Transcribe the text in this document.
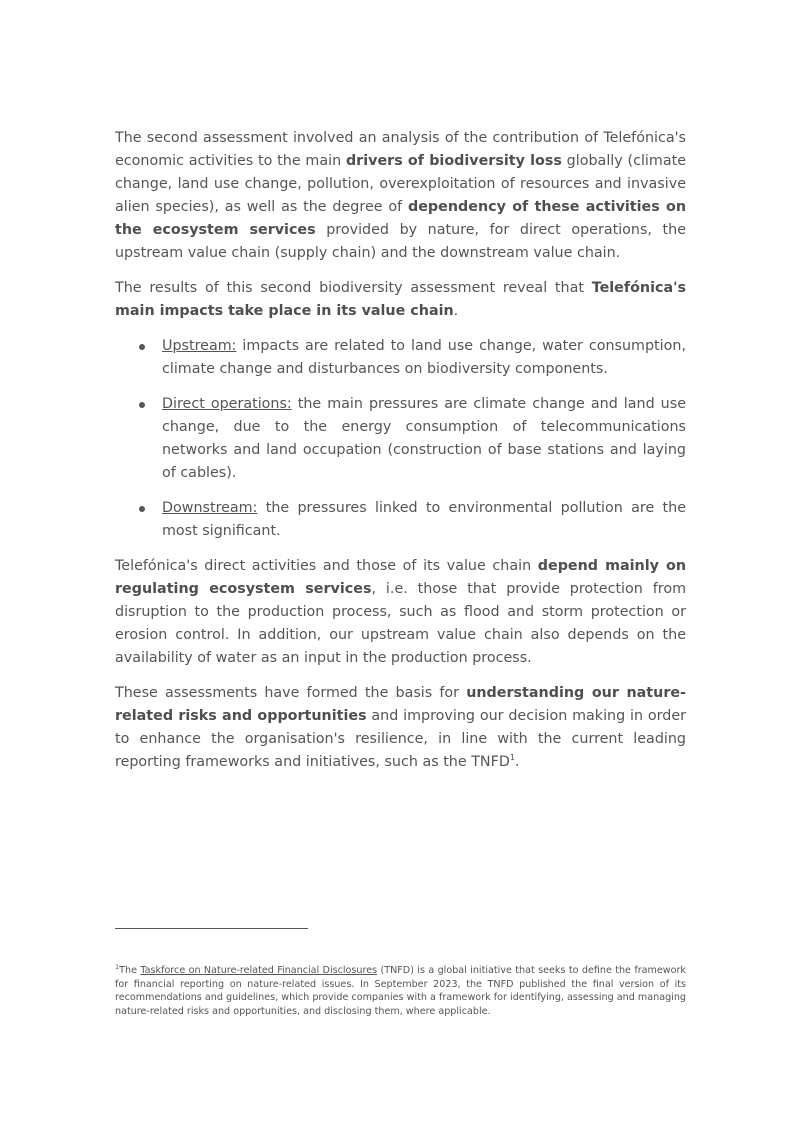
The second assessment involved an analysis of the contribution of Telefónica's economic activities to the main drivers of biodiversity loss globally (climate change, land use change, pollution, overexploitation of resources and invasive alien species), as well as the degree of dependency of these activities on the ecosystem services provided by nature, for direct operations, the upstream value chain (supply chain) and the downstream value chain.

The results of this second biodiversity assessment reveal that Telefónica's main impacts take place in its value chain.

Upstream: impacts are related to land use change, water consumption, climate change and disturbances on biodiversity components.
Direct operations: the main pressures are climate change and land use change, due to the energy consumption of telecommunications networks and land occupation (construction of base stations and laying of cables).
Downstream: the pressures linked to environmental pollution are the most significant.

Telefónica's direct activities and those of its value chain depend mainly on regulating ecosystem services, i.e. those that provide protection from disruption to the production process, such as flood and storm protection or erosion control. In addition, our upstream value chain also depends on the availability of water as an input in the production process.

These assessments have formed the basis for understanding our nature-related risks and opportunities and improving our decision making in order to enhance the organisation's resilience, in line with the current leading reporting frameworks and initiatives, such as the TNFD$^1$.

$^1$The Taskforce on Nature-related Financial Disclosures (TNFD) is a global initiative that seeks to define the framework for financial reporting on nature-related issues. In September 2023, the TNFD published the final version of its recommendations and guidelines, which provide companies with a framework for identifying, assessing and managing nature-related risks and opportunities, and disclosing them, where applicable.
